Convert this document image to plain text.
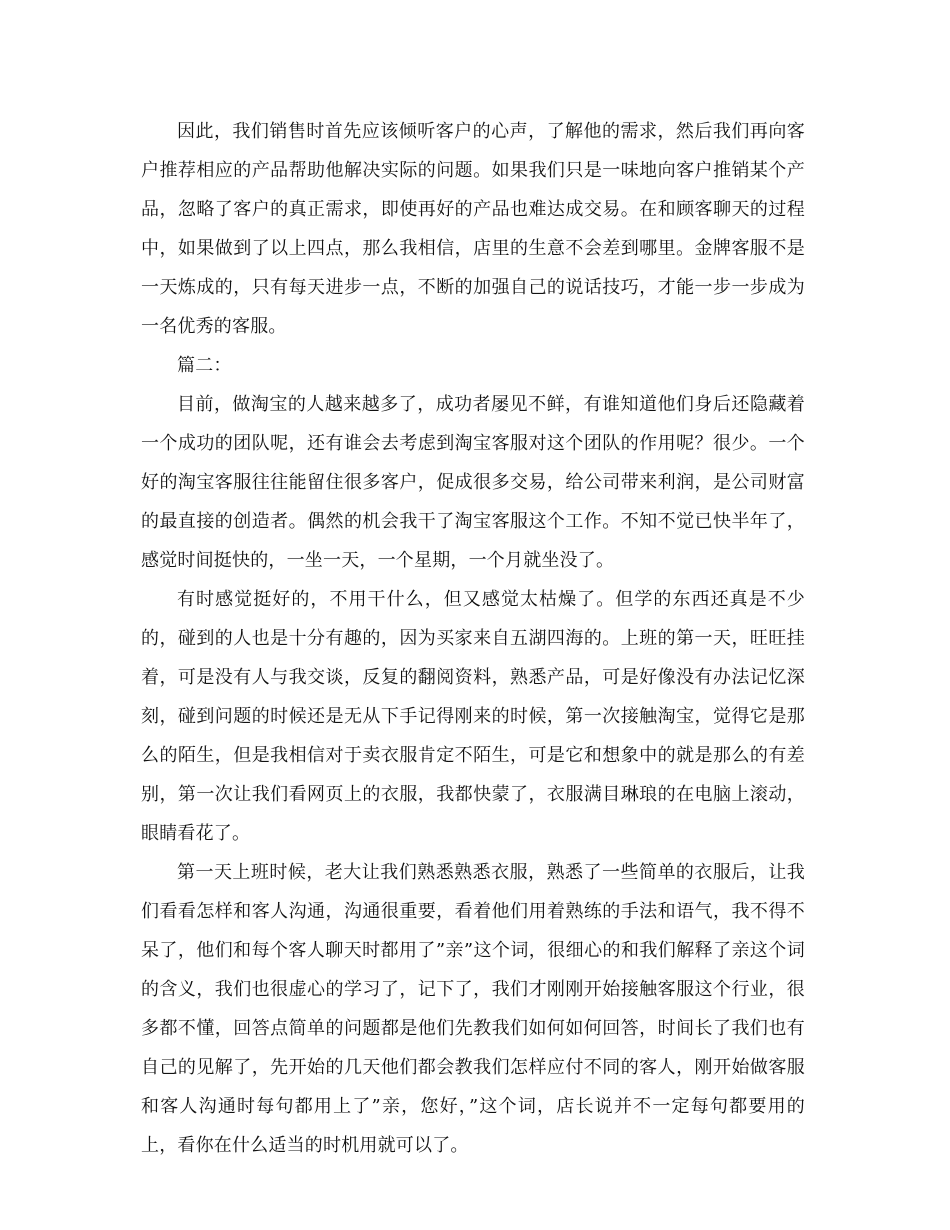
因此，我们销售时首先应该倾听客户的心声，了解他的需求，然后我们再向客户推荐相应的产品帮助他解决实际的问题。如果我们只是一味地向客户推销某个产品，忽略了客户的真正需求，即使再好的产品也难达成交易。在和顾客聊天的过程中，如果做到了以上四点，那么我相信，店里的生意不会差到哪里。金牌客服不是一天炼成的，只有每天进步一点，不断的加强自己的说话技巧，才能一步一步成为一名优秀的客服。

篇二：

目前，做淘宝的人越来越多了，成功者屡见不鲜，有谁知道他们身后还隐藏着一个成功的团队呢，还有谁会去考虑到淘宝客服对这个团队的作用呢？很少。一个好的淘宝客服往往能留住很多客户，促成很多交易，给公司带来利润，是公司财富的最直接的创造者。偶然的机会我干了淘宝客服这个工作。不知不觉已快半年了，感觉时间挺快的，一坐一天，一个星期，一个月就坐没了。

有时感觉挺好的，不用干什么，但又感觉太枯燥了。但学的东西还真是不少的，碰到的人也是十分有趣的，因为买家来自五湖四海的。上班的第一天，旺旺挂着，可是没有人与我交谈，反复的翻阅资料，熟悉产品，可是好像没有办法记忆深刻，碰到问题的时候还是无从下手记得刚来的时候，第一次接触淘宝，觉得它是那么的陌生，但是我相信对于卖衣服肯定不陌生，可是它和想象中的就是那么的有差别，第一次让我们看网页上的衣服，我都快蒙了，衣服满目琳琅的在电脑上滚动，眼睛看花了。

第一天上班时候，老大让我们熟悉熟悉衣服，熟悉了一些简单的衣服后，让我们看看怎样和客人沟通，沟通很重要，看着他们用着熟练的手法和语气，我不得不呆了，他们和每个客人聊天时都用了”亲”这个词，很细心的和我们解释了亲这个词的含义，我们也很虚心的学习了，记下了，我们才刚刚开始接触客服这个行业，很多都不懂，回答点简单的问题都是他们先教我们如何如何回答，时间长了我们也有自己的见解了，先开始的几天他们都会教我们怎样应付不同的客人，刚开始做客服和客人沟通时每句都用上了”亲，您好，”这个词，店长说并不一定每句都要用的上，看你在什么适当的时机用就可以了。
